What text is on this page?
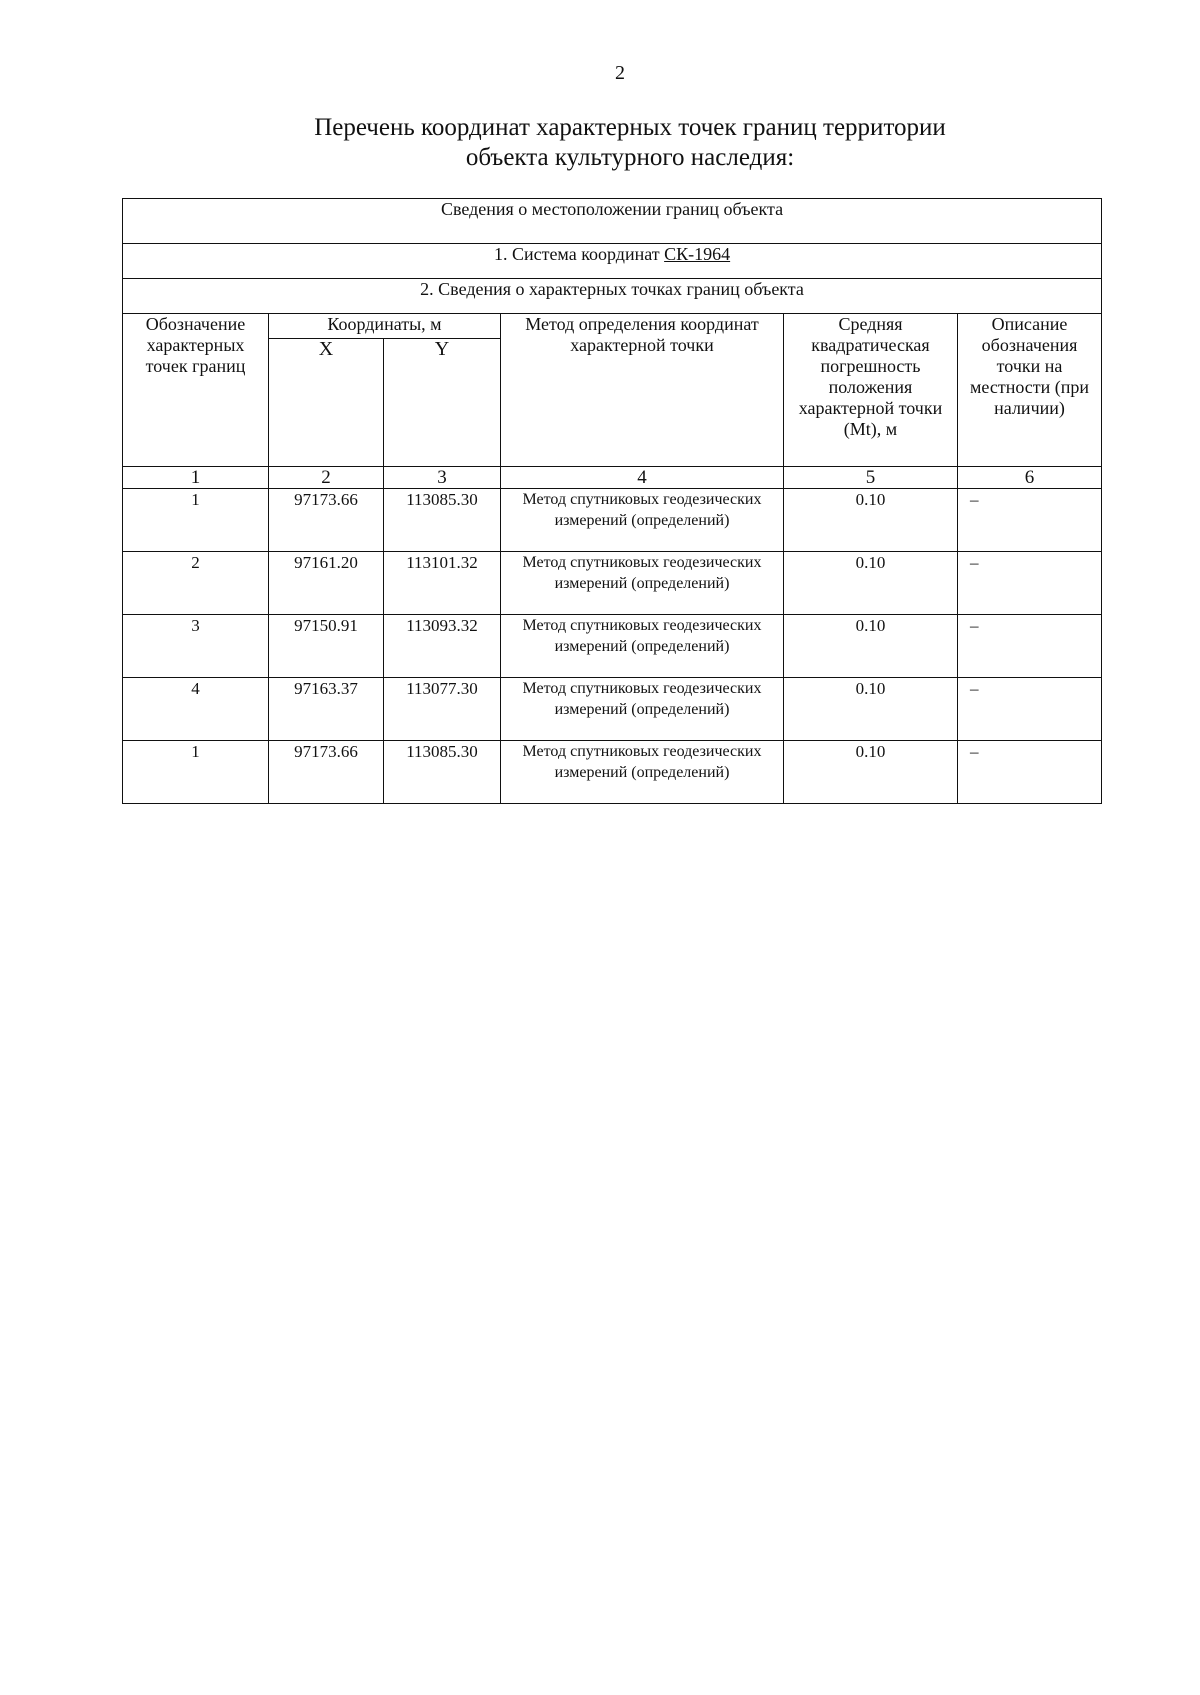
2
Перечень координат характерных точек границ территории
объекта культурного наследия:
Сведения о местоположении границ объекта					
1. Система координат СК-1964					
2. Сведения о характерных точках границ объекта					
Обозначение характерных точек границ	Координаты, м		Метод определения координат характерной точки	Средняя квадратическая погрешность положения характерной точки (Mt), м	Описание обозначения точки на местности (при наличии)
	X	Y			
1	2	3	4	5	6
1	97173.66	113085.30	Метод спутниковых геодезических измерений (определений)	0.10	–
2	97161.20	113101.32	Метод спутниковых геодезических измерений (определений)	0.10	–
3	97150.91	113093.32	Метод спутниковых геодезических измерений (определений)	0.10	–
4	97163.37	113077.30	Метод спутниковых геодезических измерений (определений)	0.10	–
1	97173.66	113085.30	Метод спутниковых геодезических измерений (определений)	0.10	–
